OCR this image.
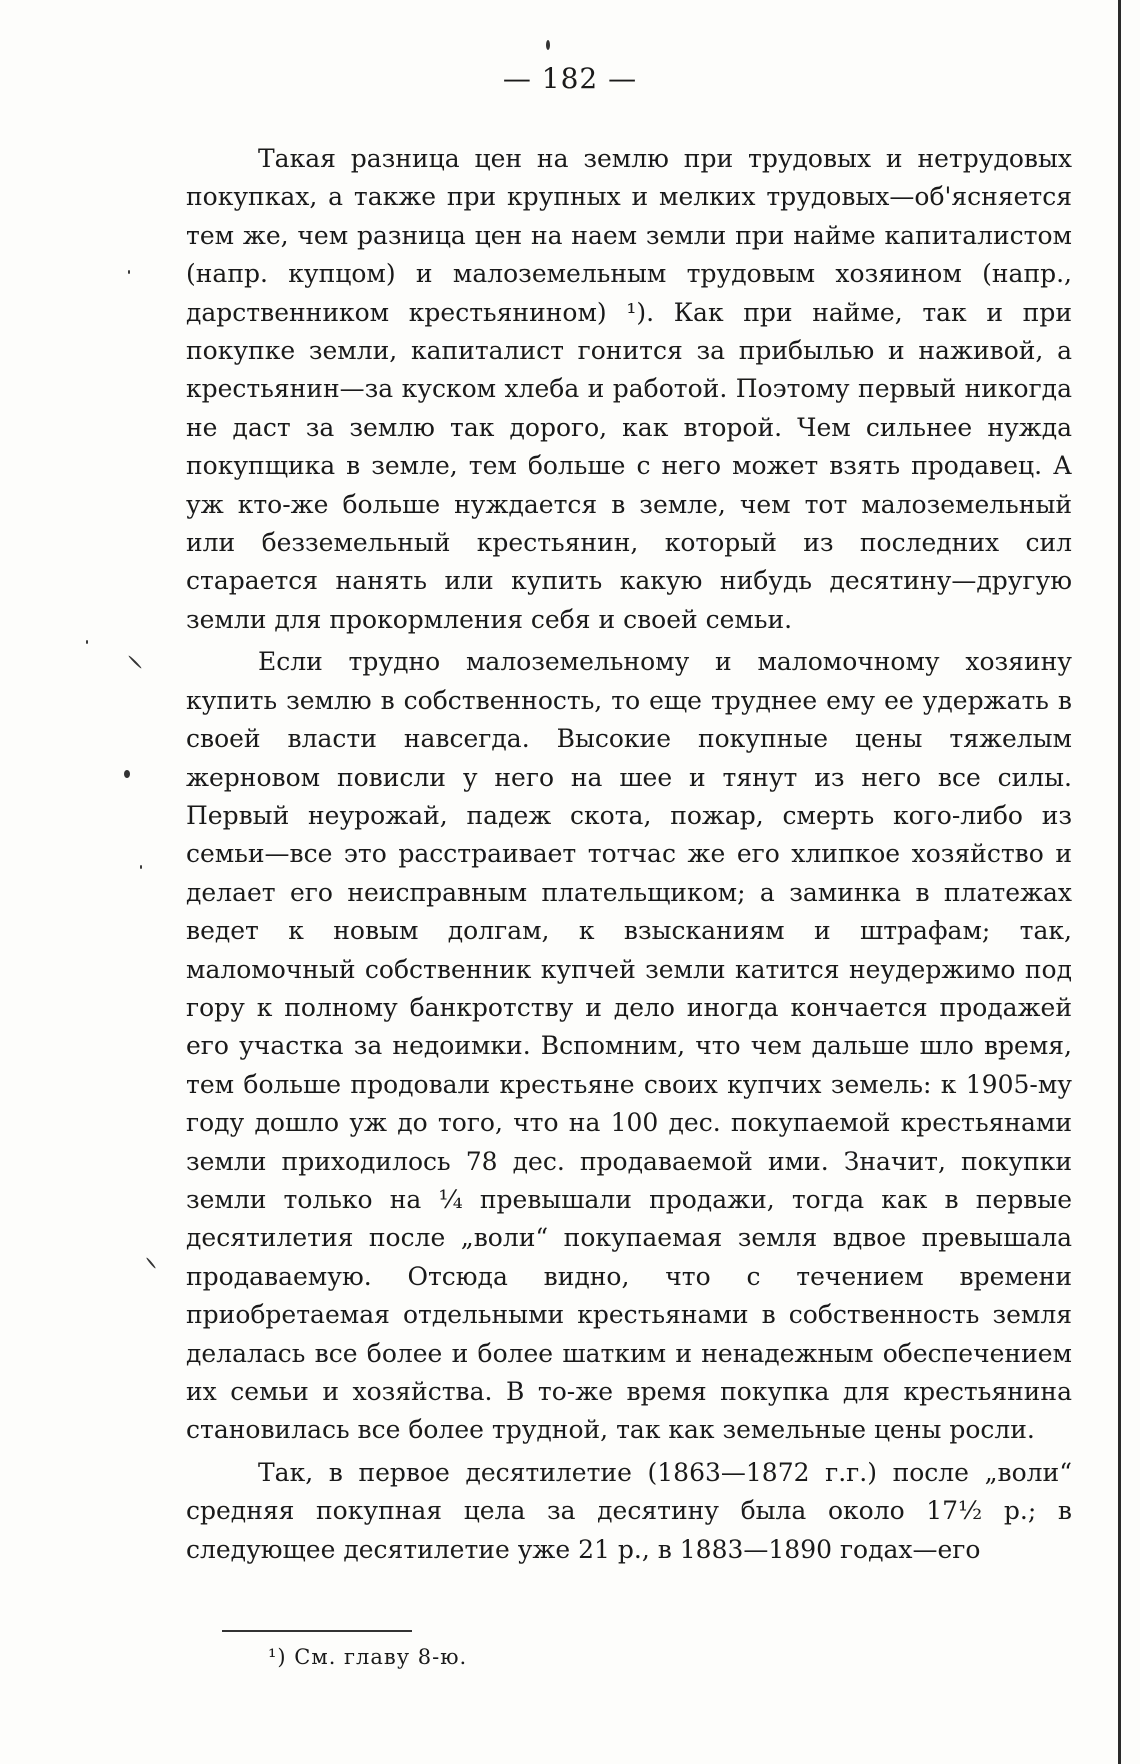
— 182 —

Такая разница цен на землю при трудовых и нетрудовых покупках, а также при крупных и мелких трудовых—об'ясняется тем же, чем разница цен на наем земли при найме капиталистом (напр. купцом) и малоземельным трудовым хозяином (напр., дарственником крестьянином) ¹). Как при найме, так и при покупке земли, капиталист гонится за прибылью и наживой, а крестьянин—за куском хлеба и работой. Поэтому первый никогда не даст за землю так дорого, как второй. Чем сильнее нужда покупщика в земле, тем больше с него может взять продавец. А уж кто-же больше нуждается в земле, чем тот малоземельный или безземельный крестьянин, который из последних сил старается нанять или купить какую нибудь десятину—другую земли для прокормления себя и своей семьи.

Если трудно малоземельному и маломочному хозяину купить землю в собственность, то еще труднее ему ее удержать в своей власти навсегда. Высокие покупные цены тяжелым жерновом повисли у него на шее и тянут из него все силы. Первый неурожай, падеж скота, пожар, смерть кого-либо из семьи—все это расстраивает тотчас же его хлипкое хозяйство и делает его неисправным плательщиком; а заминка в платежах ведет к новым долгам, к взысканиям и штрафам; так, маломочный собственник купчей земли катится неудержимо под гору к полному банкротству и дело иногда кончается продажей его участка за недоимки. Вспомним, что чем дальше шло время, тем больше продовали крестьяне своих купчих земель: к 1905-му году дошло уж до того, что на 100 дес. покупаемой крестьянами земли приходилось 78 дес. продаваемой ими. Значит, покупки земли только на ¼ превышали продажи, тогда как в первые десятилетия после „воли“ покупаемая земля вдвое превышала продаваемую. Отсюда видно, что с течением времени приобретаемая отдельными крестьянами в собственность земля делалась все более и более шатким и ненадежным обеспечением их семьи и хозяйства. В то-же время покупка для крестьянина становилась все более трудной, так как земельные цены росли.

Так, в первое десятилетие (1863—1872 г.г.) после „воли“ средняя покупная цела за десятину была около 17½ р.; в следующее десятилетие уже 21 р., в 1883—1890 годах—его

¹) См. главу 8-ю.
